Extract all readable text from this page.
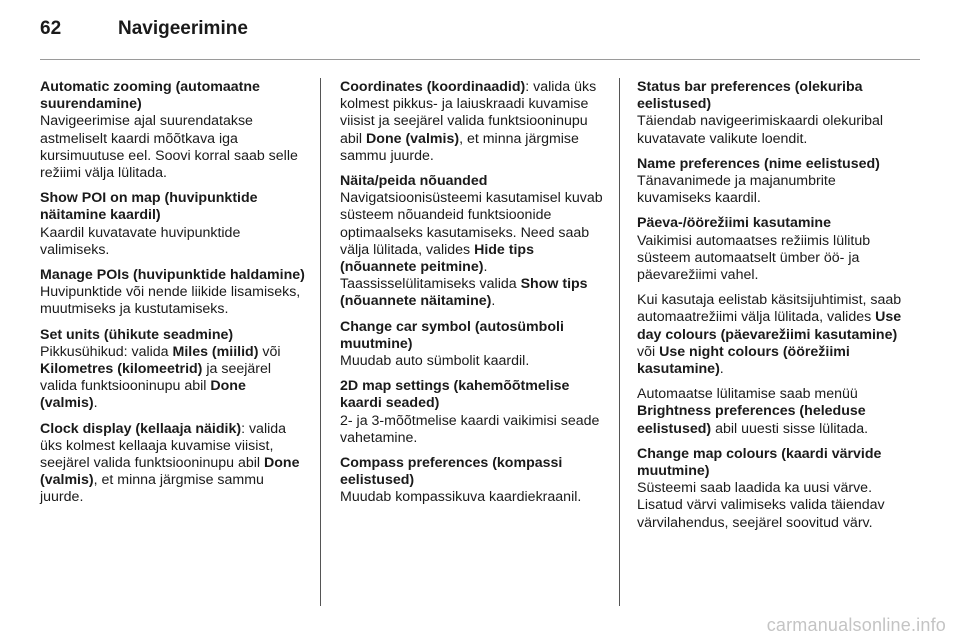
62	Navigeerimine

Automatic zooming (automaatne suurendamine)

Navigeerimise ajal suurendatakse astmeliselt kaardi mõõtkava iga kursimuutuse eel. Soovi korral saab selle režiimi välja lülitada.

Show POI on map (huvipunktide näitamine kaardil)

Kaardil kuvatavate huvipunktide valimiseks.

Manage POIs (huvipunktide haldamine)

Huvipunktide või nende liikide lisamiseks, muutmiseks ja kustutamiseks.

Set units (ühikute seadmine)

Pikkusühikud: valida Miles (miilid) või Kilometres (kilomeetrid) ja seejärel valida funktsiooninupu abil Done (valmis).

Clock display (kellaaja näidik): valida üks kolmest kellaaja kuvamise viisist, seejärel valida funktsiooninupu abil Done (valmis), et minna järgmise sammu juurde.

Coordinates (koordinaadid): valida üks kolmest pikkus- ja laiuskraadi kuvamise viisist ja seejärel valida funktsiooninupu abil Done (valmis), et minna järgmise sammu juurde.

Näita/peida nõuanded

Navigatsioonisüsteemi kasutamisel kuvab süsteem nõuandeid funktsioonide optimaalseks kasutamiseks. Need saab välja lülitada, valides Hide tips (nõuannete peitmine). Taassisselülitamiseks valida Show tips (nõuannete näitamine).

Change car symbol (autosümboli muutmine)

Muudab auto sümbolit kaardil.

2D map settings (kahemõõtmelise kaardi seaded)

2- ja 3-mõõtmelise kaardi vaikimisi seade vahetamine.

Compass preferences (kompassi eelistused)

Muudab kompassikuva kaardiekraanil.

Status bar preferences (olekuriba eelistused)

Täiendab navigeerimiskaardi olekuribal kuvatavate valikute loendit.

Name preferences (nime eelistused)

Tänavanimede ja majanumbrite kuvamiseks kaardil.

Päeva-/öörežiimi kasutamine

Vaikimisi automaatses režiimis lülitub süsteem automaatselt ümber öö- ja päevarežiimi vahel.

Kui kasutaja eelistab käsitsijuhtimist, saab automaatrežiimi välja lülitada, valides Use day colours (päevarežiimi kasutamine) või Use night colours (öörežiimi kasutamine).

Automaatse lülitamise saab menüü Brightness preferences (heleduse eelistused) abil uuesti sisse lülitada.

Change map colours (kaardi värvide muutmine)

Süsteemi saab laadida ka uusi värve. Lisatud värvi valimiseks valida täiendav värvilahendus, seejärel soovitud värv.

carmanualsonline.info
